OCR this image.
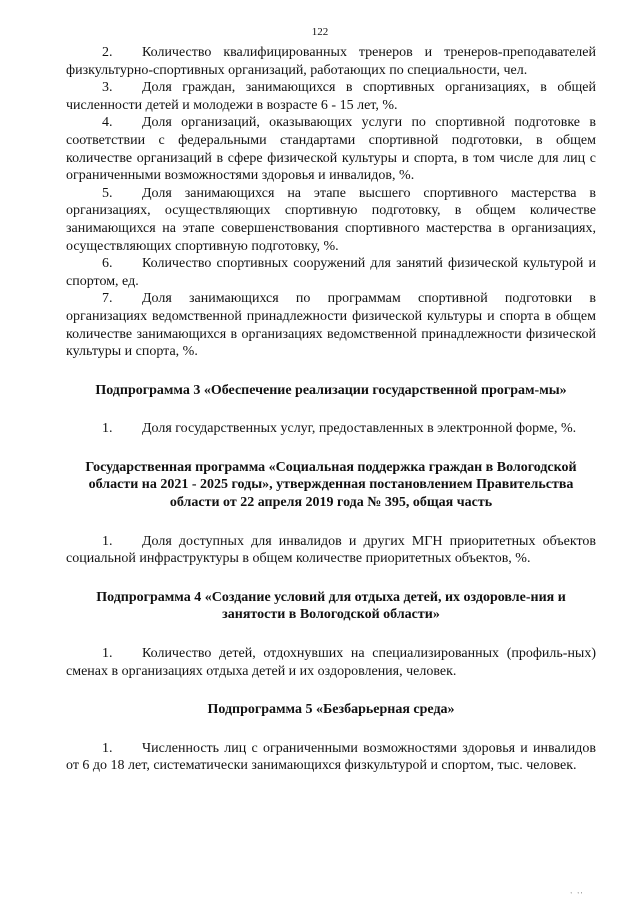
122

2. Количество квалифицированных тренеров и тренеров-преподавателей физкультурно-спортивных организаций, работающих по специальности, чел.

3. Доля граждан, занимающихся в спортивных организациях, в общей численности детей и молодежи в возрасте 6 - 15 лет, %.

4. Доля организаций, оказывающих услуги по спортивной подготовке в соответствии с федеральными стандартами спортивной подготовки, в общем количестве организаций в сфере физической культуры и спорта, в том числе для лиц с ограниченными возможностями здоровья и инвалидов, %.

5. Доля занимающихся на этапе высшего спортивного мастерства в организациях, осуществляющих спортивную подготовку, в общем количестве занимающихся на этапе совершенствования спортивного мастерства в организациях, осуществляющих спортивную подготовку, %.

6. Количество спортивных сооружений для занятий физической культурой и спортом, ед.

7. Доля занимающихся по программам спортивной подготовки в организациях ведомственной принадлежности физической культуры и спорта в общем количестве занимающихся в организациях ведомственной принадлежности физической культуры и спорта, %.

Подпрограмма 3 «Обеспечение реализации государственной програм-мы»

1. Доля государственных услуг, предоставленных в электронной форме, %.

Государственная программа «Социальная поддержка граждан в Вологодской области на 2021 - 2025 годы», утвержденная постановлением Правительства области от 22 апреля 2019 года № 395, общая часть

1. Доля доступных для инвалидов и других МГН приоритетных объектов социальной инфраструктуры в общем количестве приоритетных объектов, %.

Подпрограмма 4 «Создание условий для отдыха детей, их оздоровле-ния и занятости в Вологодской области»

1. Количество детей, отдохнувших на специализированных (профиль-ных) сменах в организациях отдыха детей и их оздоровления, человек.

Подпрограмма 5 «Безбарьерная среда»

1. Численность лиц с ограниченными возможностями здоровья и инвалидов от 6 до 18 лет, систематически занимающихся физкультурой и спортом, тыс. человек.

' ''
